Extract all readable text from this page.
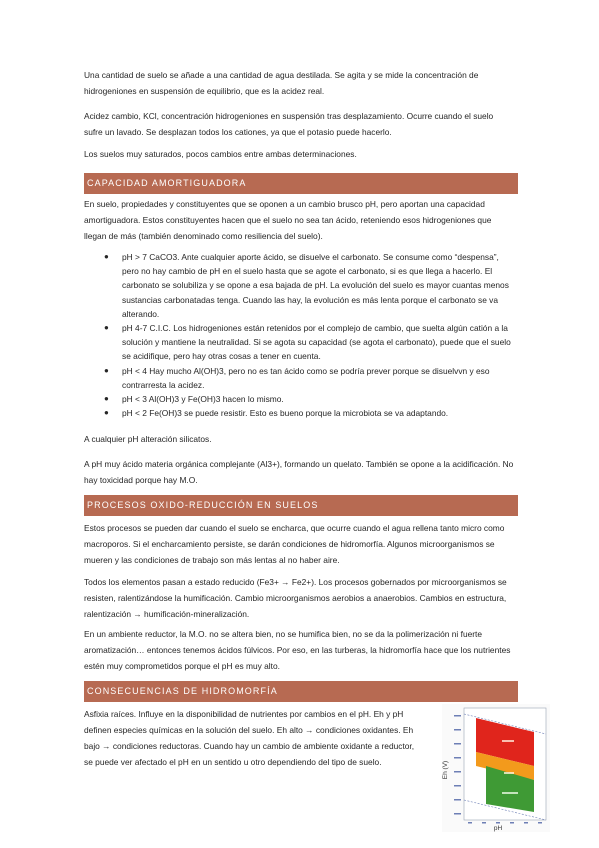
Una cantidad de suelo se añade a una cantidad de agua destilada. Se agita y se mide la concentración de hidrogeniones en suspensión de equilibrio, que es la acidez real.

Acidez cambio, KCl, concentración hidrogeniones en suspensión tras desplazamiento. Ocurre cuando el suelo sufre un lavado. Se desplazan todos los cationes, ya que el potasio puede hacerlo.

Los suelos muy saturados, pocos cambios entre ambas determinaciones.

CAPACIDAD AMORTIGUADORA

En suelo, propiedades y constituyentes que se oponen a un cambio brusco pH, pero aportan una capacidad amortiguadora. Estos constituyentes hacen que el suelo no sea tan ácido, reteniendo esos hidrogeniones que llegan de más (también denominado como resiliencia del suelo).

● pH > 7 CaCO3. Ante cualquier aporte ácido, se disuelve el carbonato. Se consume como “despensa”, pero no hay cambio de pH en el suelo hasta que se agote el carbonato, si es que llega a hacerlo. El carbonato se solubiliza y se opone a esa bajada de pH. La evolución del suelo es mayor cuantas menos sustancias carbonatadas tenga. Cuando las hay, la evolución es más lenta porque el carbonato se va alterando.
● pH 4-7 C.I.C. Los hidrogeniones están retenidos por el complejo de cambio, que suelta algún catión a la solución y mantiene la neutralidad. Si se agota su capacidad (se agota el carbonato), puede que el suelo se acidifique, pero hay otras cosas a tener en cuenta.
● pH < 4 Hay mucho Al(OH)3, pero no es tan ácido como se podría prever porque se disuelvvn y eso contrarresta la acidez.
● pH < 3 Al(OH)3 y Fe(OH)3 hacen lo mismo.
● pH < 2 Fe(OH)3 se puede resistir. Esto es bueno porque la microbiota se va adaptando.

A cualquier pH alteración silicatos.

A pH muy ácido materia orgánica complejante (Al3+), formando un quelato. También se opone a la acidificación. No hay toxicidad porque hay M.O.

PROCESOS OXIDO-REDUCCIÓN EN SUELOS

Estos procesos se pueden dar cuando el suelo se encharca, que ocurre cuando el agua rellena tanto micro como macroporos. Si el encharcamiento persiste, se darán condiciones de hidromorfía. Algunos microorganismos se mueren y las condiciones de trabajo son más lentas al no haber aire.

Todos los elementos pasan a estado reducido (Fe3+ → Fe2+). Los procesos gobernados por microorganismos se resisten, ralentizándose la humificación. Cambio microorganismos aerobios a anaerobios. Cambios en estructura, ralentización → humificación-mineralización.

En un ambiente reductor, la M.O. no se altera bien, no se humifica bien, no se da la polimerización ni fuerte aromatización… entonces tenemos ácidos fúlvicos. Por eso, en las turberas, la hidromorfía hace que los nutrientes estén muy comprometidos porque el pH es muy alto.

CONSECUENCIAS DE HIDROMORFÍA

Asfixia raíces. Influye en la disponibilidad de nutrientes por cambios en el pH. Eh y pH definen especies químicas en la solución del suelo. Eh alto → condiciones oxidantes. Eh bajo → condiciones reductoras. Cuando hay un cambio de ambiente oxidante a reductor, se puede ver afectado el pH en un sentido u otro dependiendo del tipo de suelo.	Eh (V)
pH
